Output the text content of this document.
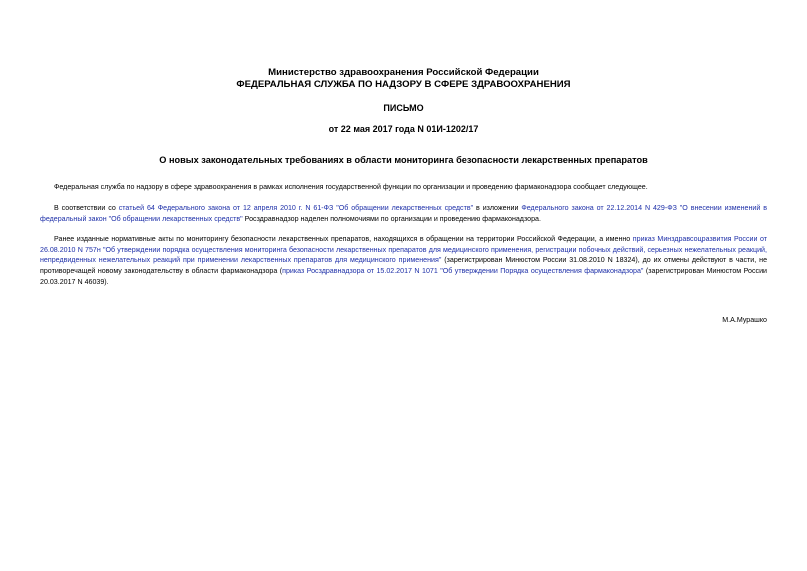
Министерство здравоохранения Российской Федерации
ФЕДЕРАЛЬНАЯ СЛУЖБА ПО НАДЗОРУ В СФЕРЕ ЗДРАВООХРАНЕНИЯ
ПИСЬМО
от 22 мая 2017 года N 01И-1202/17
О новых законодательных требованиях в области мониторинга безопасности лекарственных препаратов
Федеральная служба по надзору в сфере здравоохранения в рамках исполнения государственной функции по организации и проведению фармаконадзора сообщает следующее.
В соответствии со статьей 64 Федерального закона от 12 апреля 2010 г. N 61-ФЗ "Об обращении лекарственных средств" в изложении Федерального закона от 22.12.2014 N 429-ФЗ "О внесении изменений в федеральный закон "Об обращении лекарственных средств" Росздравнадзор наделен полномочиями по организации и проведению фармаконадзора.
Ранее изданные нормативные акты по мониторингу безопасности лекарственных препаратов, находящихся в обращении на территории Российской Федерации, а именно приказ Минздравсоцразвития России от 26.08.2010 N 757н "Об утверждении порядка осуществления мониторинга безопасности лекарственных препаратов для медицинского применения, регистрации побочных действий, серьезных нежелательных реакций, непредвиденных нежелательных реакций при применении лекарственных препаратов для медицинского применения" (зарегистрирован Минюстом России 31.08.2010 N 18324), до их отмены действуют в части, не противоречащей новому законодательству в области фармаконадзора (приказ Росздравнадзора от 15.02.2017 N 1071 "Об утверждении Порядка осуществления фармаконадзора" (зарегистрирован Минюстом России 20.03.2017 N 46039).
М.А.Мурашко
